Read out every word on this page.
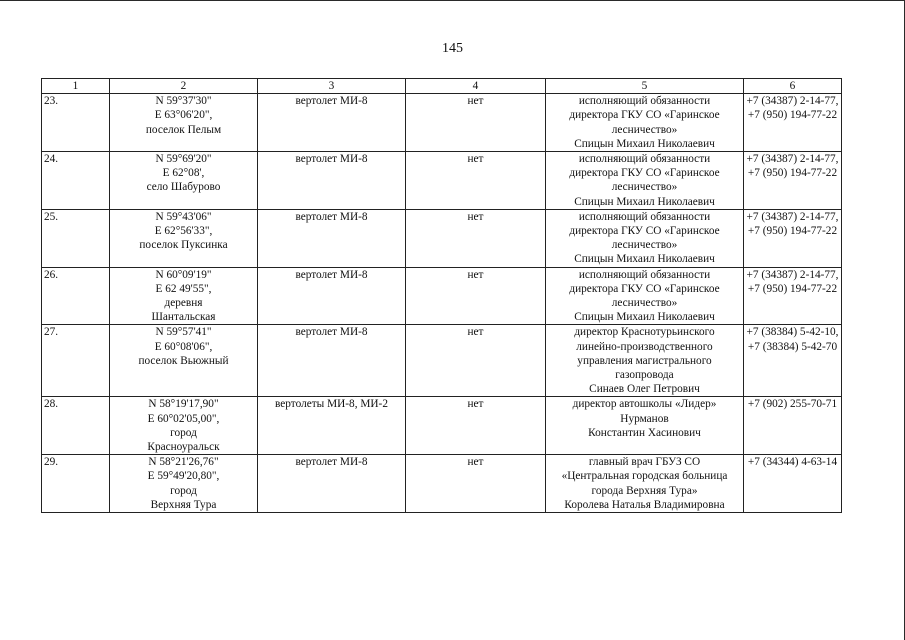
145
1	2	3	4	5	6
23.	N 59°37'30"
E 63°06'20",
поселок Пелым	вертолет МИ-8	нет	исполняющий обязанности
директора ГКУ СО «Гаринское
лесничество»
Спицын Михаил Николаевич	+7 (34387) 2-14-77,
+7 (950) 194-77-22

24.	N 59°69'20"
E 62°08',
село Шабурово	вертолет МИ-8	нет	исполняющий обязанности
директора ГКУ СО «Гаринское
лесничество»
Спицын Михаил Николаевич	+7 (34387) 2-14-77,
+7 (950) 194-77-22

25.	N 59°43'06"
E 62°56'33",
поселок Пуксинка	вертолет МИ-8	нет	исполняющий обязанности
директора ГКУ СО «Гаринское
лесничество»
Спицын Михаил Николаевич	+7 (34387) 2-14-77,
+7 (950) 194-77-22

26.	N 60°09'19"
E 62 49'55",
деревня
Шантальская	вертолет МИ-8	нет	исполняющий обязанности
директора ГКУ СО «Гаринское
лесничество»
Спицын Михаил Николаевич	+7 (34387) 2-14-77,
+7 (950) 194-77-22

27.	N 59°57'41"
E 60°08'06",
поселок Вьюжный	вертолет МИ-8	нет	директор Краснотурьинского
линейно-производственного
управления магистрального
газопровода
Синаев Олег Петрович	+7 (38384) 5-42-10,
+7 (38384) 5-42-70

28.	N 58°19'17,90"
E 60°02'05,00",
город
Красноуральск	вертолеты МИ-8, МИ-2	нет	директор автошколы «Лидер»
Нурманов
Константин Хасинович	+7 (902) 255-70-71

29.	N 58°21'26,76"
E 59°49'20,80",
город
Верхняя Тура	вертолет МИ-8	нет	главный врач ГБУЗ СО
«Центральная городская больница
города Верхняя Тура»
Королева Наталья Владимировна	+7 (34344) 4-63-14
